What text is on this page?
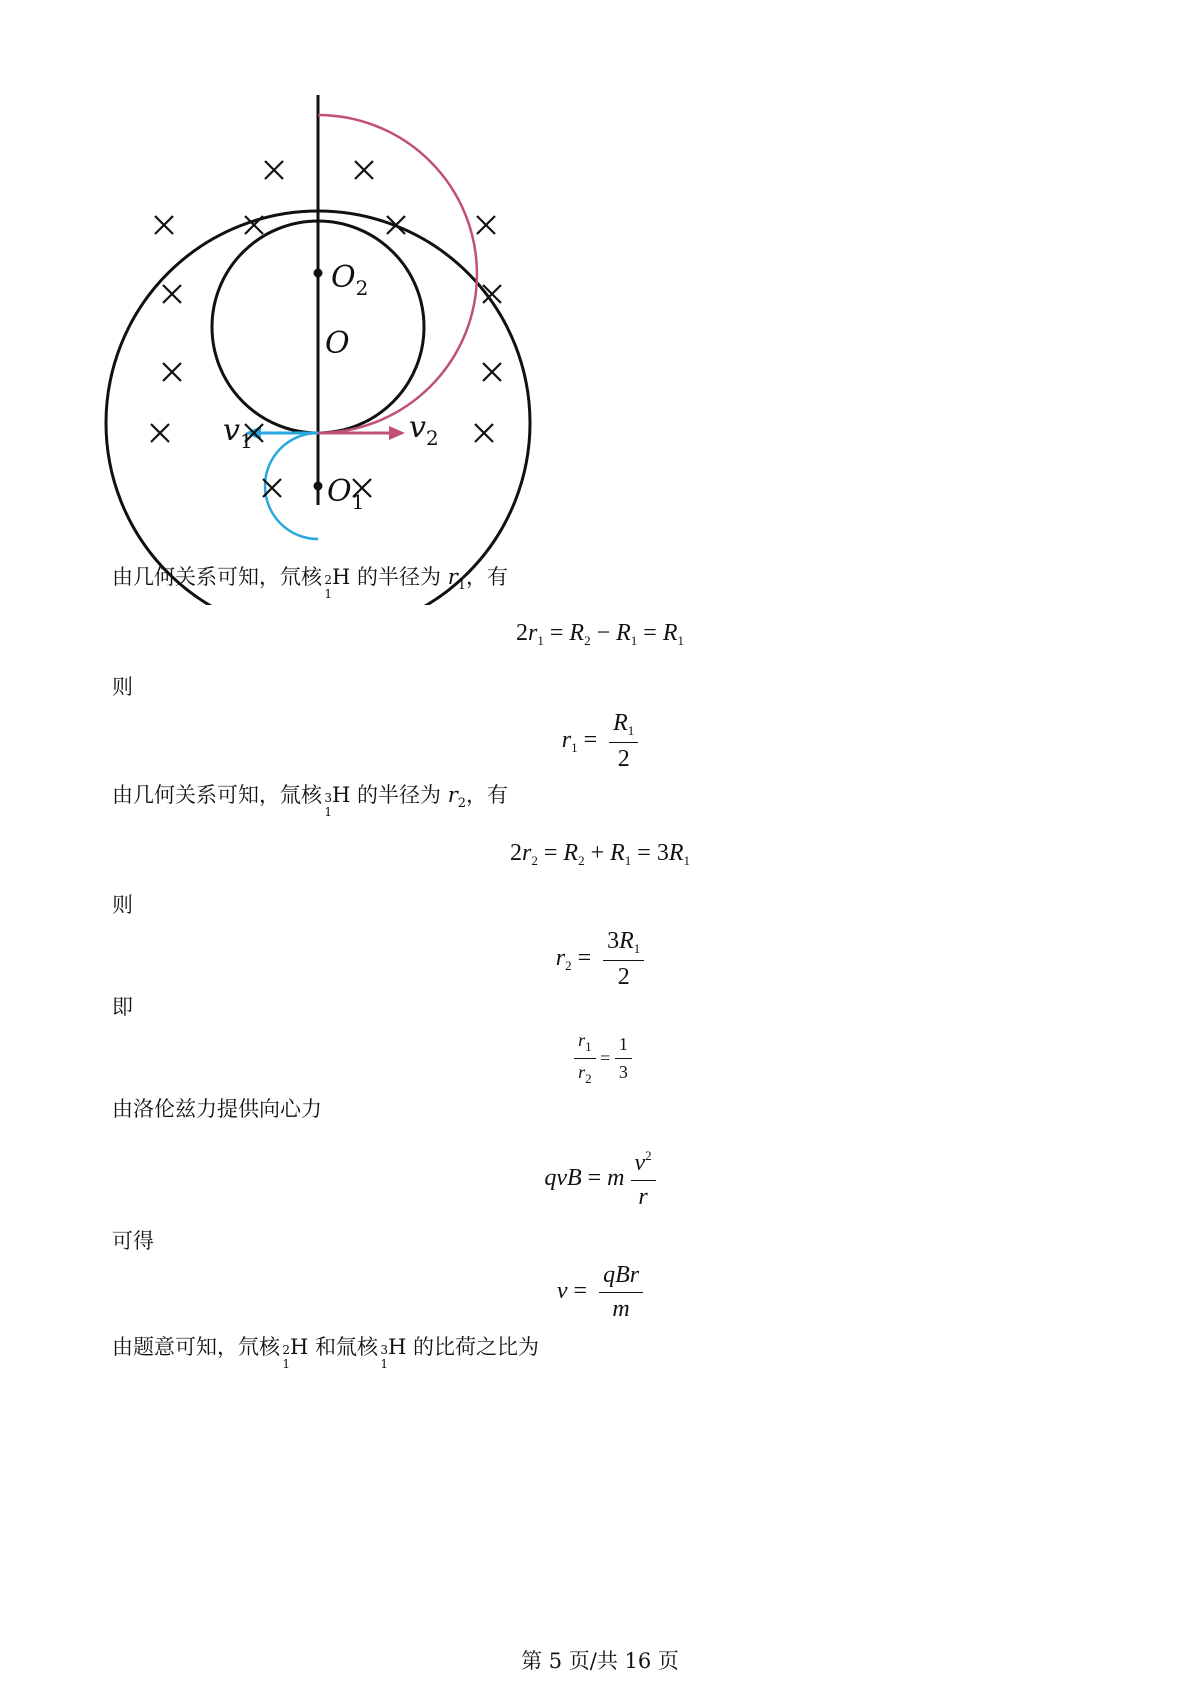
$O_2$
O
$O_1$
$v_1$	$v_2$
由几何关系可知，氘核 2
1
H 的半径为 $r_1$，有
$2r_1 = R_2 - R_1 = R_1$
则
$r_1 = \frac{R_1}{2}$
由几何关系可知，氚核 3
1
H 的半径为 $r_2$，有
$2r_2 = R_2 + R_1 = 3R_1$
则
$r_2 = \frac{3R_1}{2}$
即
$\frac{r_1}{r_2} = \frac{1}{3}$
由洛伦兹力提供向心力
qvB = m $\frac{v^2}{r}$
可得
$v = \frac{\text{qBr}}{m}$
由题意可知，氘核 2
1
H 和氚核 3
1
H 的比荷之比为
第 5 页/共 16 页
